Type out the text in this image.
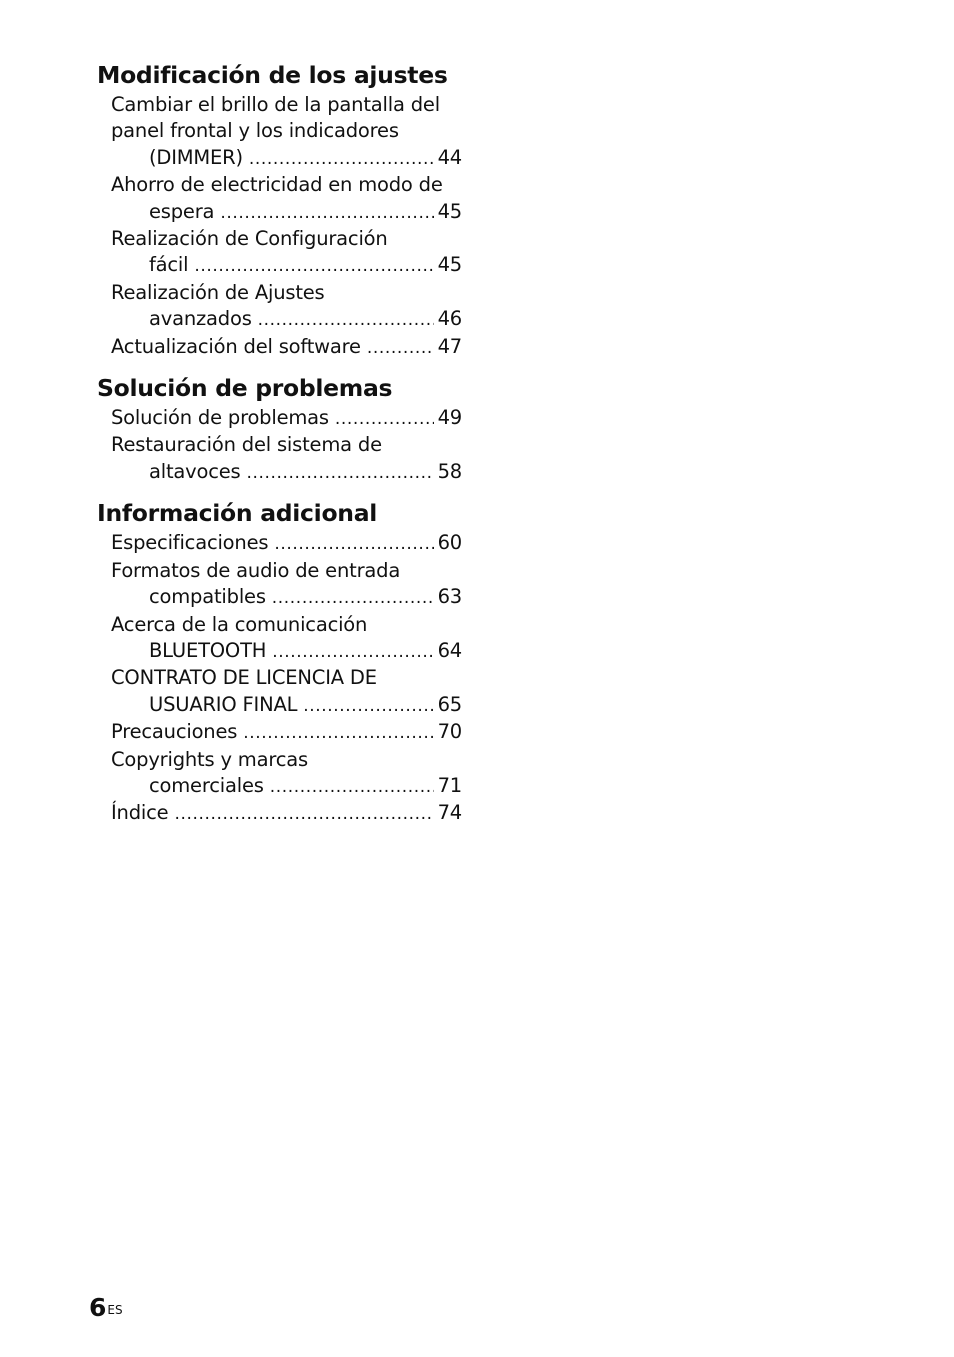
Modificación de los ajustes
Cambiar el brillo de la pantalla del
panel frontal y los indicadores
(DIMMER) .....	44
Ahorro de electricidad en modo de
espera .....	45
Realización de Configuración
fácil .....	45
Realización de Ajustes
avanzados .....	46
Actualización del software .....	47
Solución de problemas
Solución de problemas .....	49
Restauración del sistema de
altavoces .....	58
Información adicional
Especificaciones .....	60
Formatos de audio de entrada
compatibles .....	63
Acerca de la comunicación
BLUETOOTH .....	64
CONTRATO DE LICENCIA DE
USUARIO FINAL .....	65
Precauciones .....	70
Copyrights y marcas
comerciales .....	71
Índice .....	74
$6^{ES}$
